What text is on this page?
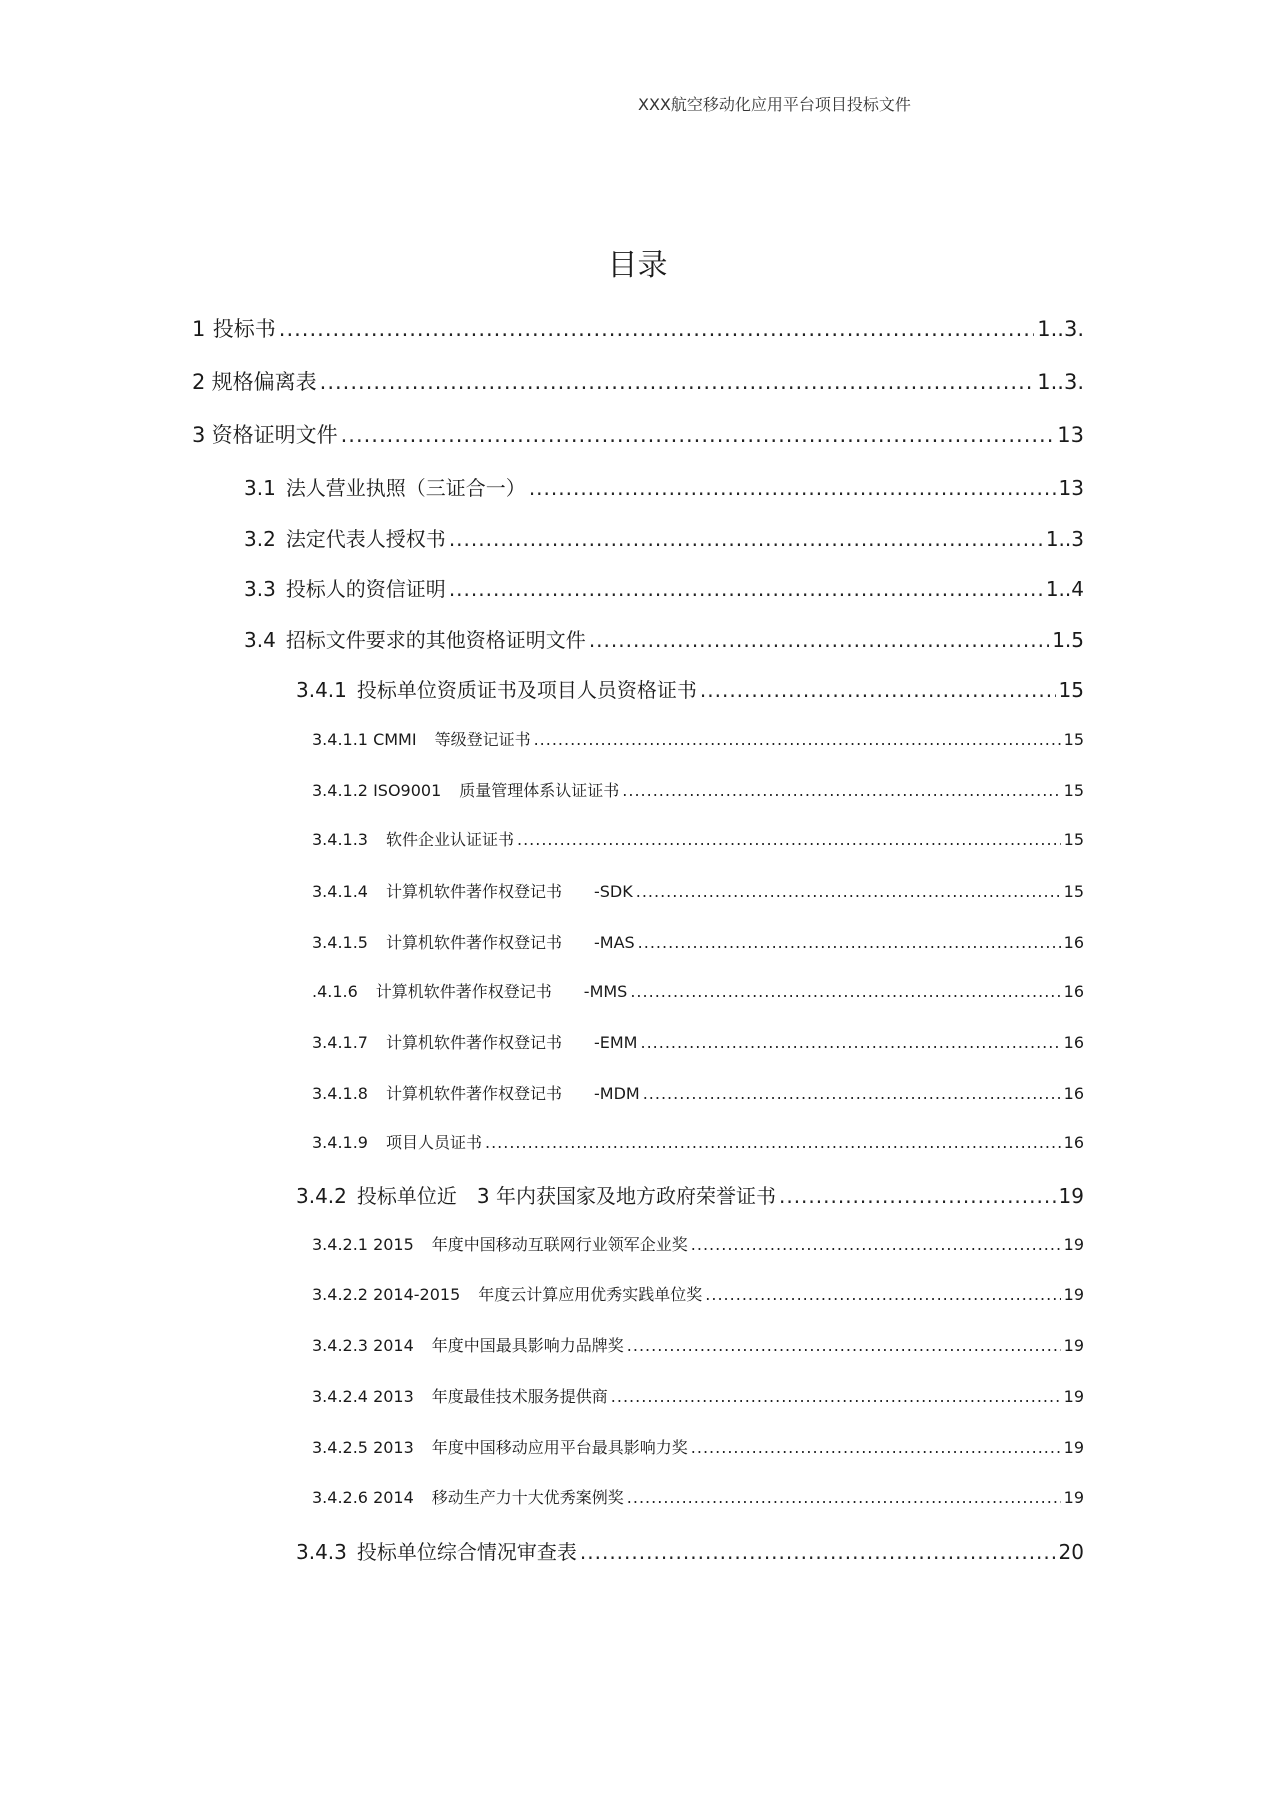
XXX航空移动化应用平台项目投标文件
目录
1 投标书 .....	1..3.
2 规格偏离表 .....	1..3.
3 资格证明文件 .....	13
3.1 法人营业执照（三证合一） .....	13
3.2 法定代表人授权书 .....	1..3
3.3 投标人的资信证明 .....	1..4
3.4 招标文件要求的其他资格证明文件 .....	1.5
3.4.1 投标单位资质证书及项目人员资格证书 .....	15
3.4.1.1 CMMI 等级登记证书 .....	15
3.4.1.2 ISO9001 质量管理体系认证证书 .....	15
3.4.1.3 软件企业认证证书 .....	15
3.4.1.4 计算机软件著作权登记书　　-SDK .....	15
3.4.1.5 计算机软件著作权登记书　　-MAS .....	16
.4.1.6 计算机软件著作权登记书　　-MMS .....	16
3.4.1.7 计算机软件著作权登记书　　-EMM .....	16
3.4.1.8 计算机软件著作权登记书　　-MDM .....	16
3.4.1.9 项目人员证书 .....	16
3.4.2 投标单位近　3 年内获国家及地方政府荣誉证书 .....	19
3.4.2.1 2015 年度中国移动互联网行业领军企业奖 .....	19
3.4.2.2 2014-2015 年度云计算应用优秀实践单位奖 .....	19
3.4.2.3 2014 年度中国最具影响力品牌奖 .....	19
3.4.2.4 2013 年度最佳技术服务提供商 .....	19
3.4.2.5 2013 年度中国移动应用平台最具影响力奖 .....	19
3.4.2.6 2014 移动生产力十大优秀案例奖 .....	19
3.4.3 投标单位综合情况审查表 .....	20
